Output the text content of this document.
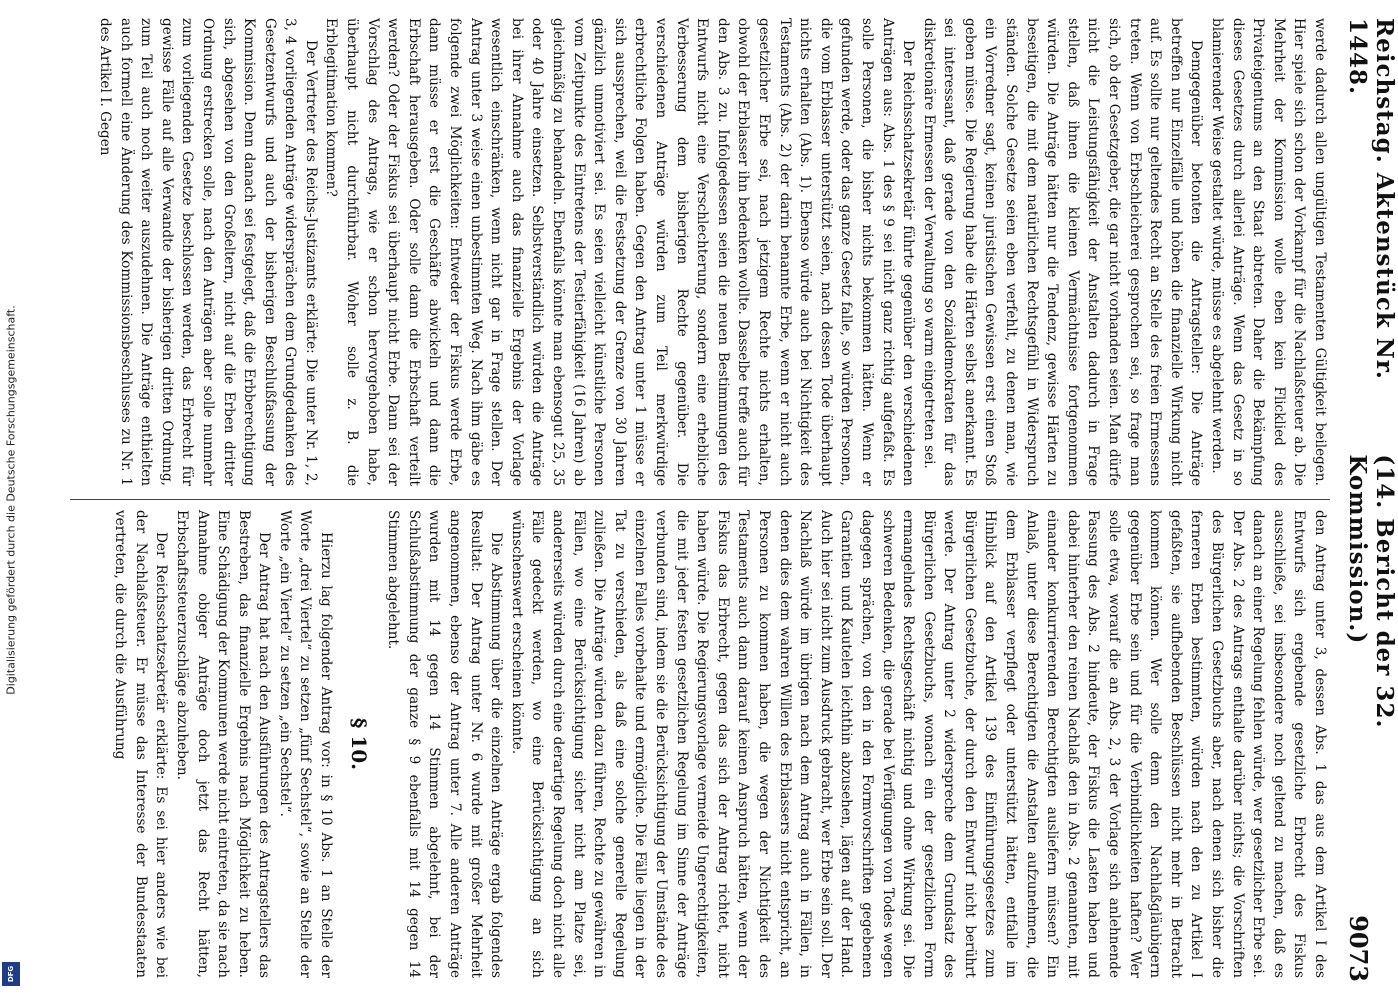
Digitalisierung gefördert durch die Deutsche Forschungsgemeinschaft.
DFG
Reichstag. Aktenstück Nr. 1448.
(14. Bericht der 32. Kommission.)
9073

werde dadurch allen ungültigen Testamenten Gültigkeit beilegen. Hier spiele sich schon der Vorkampf für die Nachlaßsteuer ab. Die Mehrheit der Kommission wolle eben kein Flicklied des Privateigentums an den Staat abtreten. Daher die Bekämpfung dieses Gesetzes durch allerlei Anträge. Wenn das Gesetz in so blamierender Weise gestaltet würde, müsse es abgelehnt werden.

Demgegenüber betonten die Antragsteller: Die Anträge betreffen nur Einzelfälle und höben die finanzielle Wirkung nicht auf. Es sollte nur geltendes Recht an Stelle des freien Ermessens treten. Wenn von Erbschleicherei gesprochen sei, so frage man sich, ob der Gesetzgeber, die gar nicht vorhanden seien. Man dürfe nicht die Leistungsfähigkeit der Anstalten dadurch in Frage stellen, daß ihnen die kleinen Vermächtnisse fortgenommen würden. Die Anträge hätten nur die Tendenz, gewisse Härten zu beseitigen, die mit dem natürlichen Rechtsgefühl in Widerspruch ständen. Solche Gesetze seien eben verfehlt, zu denen man, wie ein Vorredner sagt, keinen juristischen Gewissen erst einen Stoß geben müsse. Die Regierung habe die Härten selbst anerkannt. Es sei interessant, daß gerade von den Sozialdemokraten für das diskretionäre Ermessen der Verwaltung so warm eingetreten sei.

Der Reichsschatzsekretär führte gegenüber den verschiedenen Anträgen aus: Abs. 1 des § 9 sei nicht ganz richtig aufgefaßt. Es solle Personen, die bisher nichts bekommen hätten. Wenn er gefunden werde, oder das ganze Gesetz falle, so würden Personen, die vom Erblasser unterstützt seien, nach dessen Tode überhaupt nichts erhalten (Abs. 1). Ebenso würde auch bei Nichtigkeit des Testaments (Abs. 2) der darin benannte Erbe, wenn er nicht auch gesetzlicher Erbe sei, nach jetzigem Rechte nichts erhalten, obwohl der Erblasser ihn bedenken wollte. Dasselbe treffe auch für den Abs. 3 zu. Infolgedessen seien die neuen Bestimmungen des Entwurfs nicht eine Verschlechterung, sondern eine erhebliche Verbesserung dem bisherigen Rechte gegenüber. Die verschiedenen Anträge würden zum Teil merkwürdige erbrechtliche Folgen haben. Gegen den Antrag unter 1 müsse er sich aussprechen, weil die Festsetzung der Grenze von 30 Jahren gänzlich unmotiviert sei. Es seien vielleicht künstliche Personen vom Zeitpunkte des Eintretens der Testierfähigkeit (16 Jahren) ab gleichmäßig zu behandeln. Ebenfalls könnte man ebensogut 25, 35 oder 40 Jahre einsetzen. Selbstverständlich würden die Anträge bei ihrer Annahme auch das finanzielle Ergebnis der Vorlage wesentlich einschränken, wenn nicht gar in Frage stellen. Der Antrag unter 3 weise einen unbestimmten Weg. Nach ihm gäbe es folgende zwei Möglichkeiten: Entweder der Fiskus werde Erbe, dann müsse er erst die Geschäfte abwickeln und dann die Erbschaft herausgeben. Oder solle dann die Erbschaft verteilt werden? Oder der Fiskus sei überhaupt nicht Erbe. Dann sei der Vorschlag des Antrags, wie er schon hervorgehoben habe, überhaupt nicht durchführbar. Woher solle z. B. die Erblegitimation kommen?

Der Vertreter des Reichs-Justizamts erklärte: Die unter Nr. 1, 2, 3, 4 vorliegenden Anträge widersprächen dem Grundgedanken des Gesetzentwurfs und auch der bisherigen Beschlußfassung der Kommission. Denn danach sei festgelegt, daß die Erbberechtigung sich, abgesehen von den Großeltern, nicht auf die Erben dritter Ordnung erstrecken solle, nach den Anträgen aber solle nunmehr zum vorliegenden Gesetze beschlossen werden, das Erbrecht für gewisse Fälle auf alle Verwandte der bisherigen dritten Ordnung, zum Teil auch noch weiter auszudehnen. Die Anträge enthielten auch formell eine Änderung des Kommissionsbeschlusses zu Nr. 1 des Artikel I. Gegen

den Antrag unter 3, dessen Abs. 1 das aus dem Artikel I des Entwurfs sich ergebende gesetzliche Erbrecht des Fiskus ausschließe, sei insbesondere noch geltend zu machen, daß es danach an einer Regelung fehlen würde, wer gesetzlicher Erbe sei. Der Abs. 2 des Antrags enthalte darüber nichts; die Vorschriften des Bürgerlichen Gesetzbuchs aber, nach denen sich bisher die ferneren Erben bestimmten, würden nach den zu Artikel I gefaßten, sie aufhebenden Beschlüssen nicht mehr in Betracht kommen können. Wer solle denn den Nachlaßgläubigern gegenüber Erbe sein und für die Verbindlichkeiten haften? Wer solle etwa, worauf die an Abs. 2, 3 der Vorlage sich anlehnende Fassung des Abs. 2 hindeute, der Fiskus die Lasten haben und dabei hinterher den reinen Nachlaß den in Abs. 2 genannten, mit einander konkurrierenden Berechtigten ausliefern müssen? Ein Anlaß, unter diese Berechtigten die Anstalten aufzunehmen, die dem Erblasser verpflegt oder unterstützt hätten, entfalle im Hinblick auf den Artikel 139 des Einführungsgesetzes zum Bürgerlichen Gesetzbuche, der durch den Entwurf nicht berührt werde. Der Antrag unter 2 widerspreche dem Grundsatz des Bürgerlichen Gesetzbuchs, wonach ein der gesetzlichen Form ermangelndes Rechtsgeschäft nichtig und ohne Wirkung sei. Die schweren Bedenken, die gerade bei Verfügungen von Todes wegen dagegen sprächen, von den in den Formvorschriften gegebenen Garantien und Kautelen leichthin abzusehen, lägen auf der Hand. Auch hier sei nicht zum Ausdruck gebracht, wer Erbe sein soll. Der Nachlaß würde im übrigen nach dem Antrag auch in Fällen, in denen dies dem wahren Willen des Erblassers nicht entspricht, an Personen zu kommen haben, die wegen der Nichtigkeit des Testaments auch dann darauf keinen Anspruch hätten, wenn der Fiskus das Erbrecht, gegen das sich der Antrag richtet, nicht haben würde. Die Regierungsvorlage vermeide Ungerechtigkeiten, die mit jeder festen gesetzlichen Regelung im Sinne der Anträge verbunden sind, indem sie die Berücksichtigung der Umstände des einzelnen Falles vorbehalte und ermögliche. Die Fälle liegen in der Tat zu verschieden, als daß eine solche generelle Regelung zuließen. Die Anträge würden dazu führen, Rechte zu gewähren in Fällen, wo eine Berücksichtigung sicher nicht am Platze sei, andererseits würden durch eine derartige Regelung doch nicht alle Fälle gedeckt werden, wo eine Berücksichtigung an sich wünschenswert erscheinen könnte.

Die Abstimmung über die einzelnen Anträge ergab folgendes Resultat: Der Antrag unter Nr. 6 wurde mit großer Mehrheit angenommen, ebenso der Antrag unter 7. Alle anderen Anträge wurden mit 14 gegen 14 Stimmen abgelehnt, bei der Schlußabstimmung der ganze § 9 ebenfalls mit 14 gegen 14 Stimmen abgelehnt.

§ 10.

Hierzu lag folgender Antrag vor: in § 10 Abs. 1 an Stelle der Worte „drei Viertel“ zu setzen „fünf Sechstel“, sowie an Stelle der Worte „ein Viertel“ zu setzen „ein Sechstel“.

Der Antrag hat nach den Ausführungen des Antragstellers das Bestreben, das finanzielle Ergebnis nach Möglichkeit zu heben. Eine Schädigung der Kommunen werde nicht eintreten, da sie nach Annahme obiger Anträge doch jetzt das Recht hätten, Erbschaftssteuerzuschläge abzuheben.

Der Reichsschatzsekretär erklärte: Es sei hier anders wie bei der Nachlaßsteuer. Er müsse das Interesse der Bundesstaaten vertreten, die durch die Ausführung
